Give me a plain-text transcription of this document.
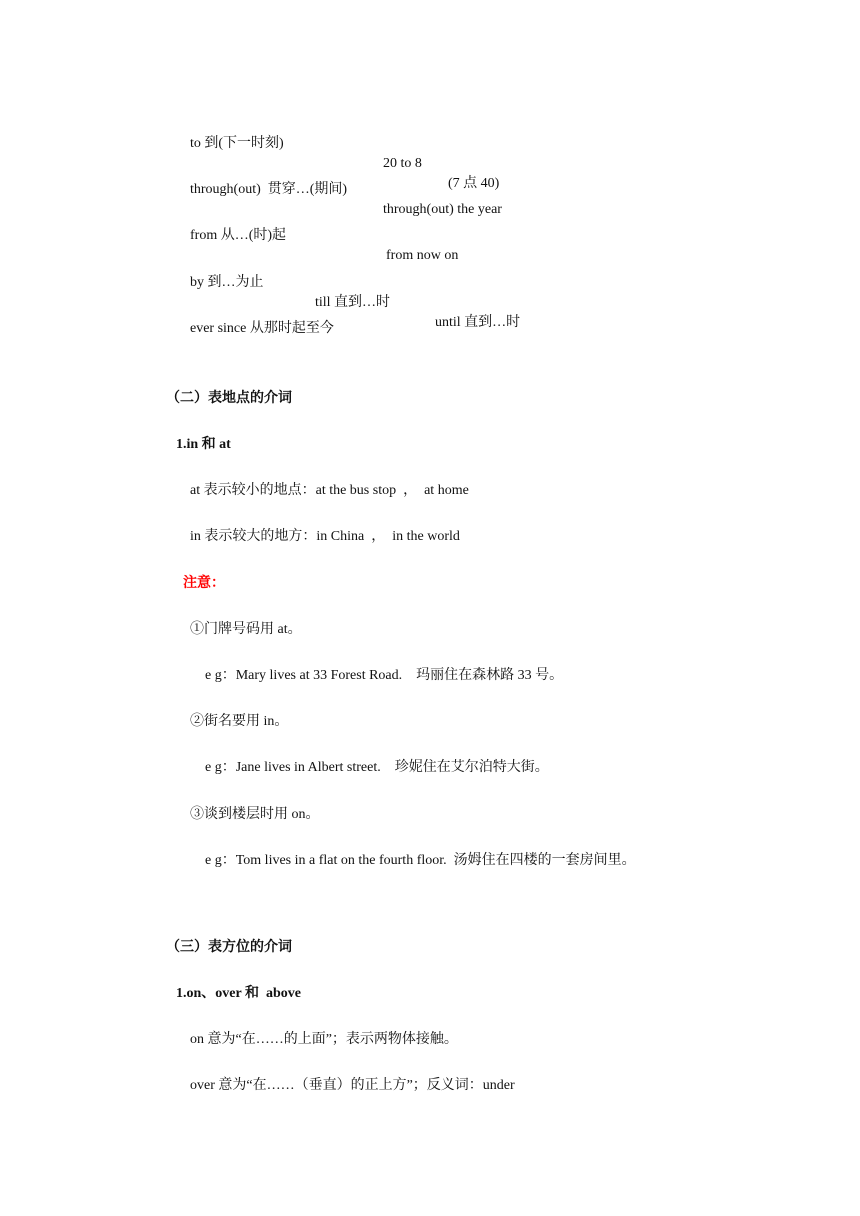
to 到(下一时刻)

20 to 8

(7 点 40)

through(out)  贯穿…(期间)

through(out) the year

from 从…(时)起

from now on

by 到…为止

till 直到…时

until 直到…时

ever since 从那时起至今

（二）表地点的介词
1.in 和 at
at 表示较小的地点：at the bus stop  ，  at home
in 表示较大的地方：in China  ，  in the world
注意：
①门牌号码用 at。
e g：Mary lives at 33 Forest Road.    玛丽住在森林路 33 号。
②街名要用 in。
e g：Jane lives in Albert street.    珍妮住在艾尔泊特大街。
③谈到楼层时用 on。
e g：Tom lives in a flat on the fourth floor.  汤姆住在四楼的一套房间里。
（三）表方位的介词
1.on、over 和  above
on 意为“在……的上面”；表示两物体接触。
over 意为“在……（垂直）的正上方”；反义词：under
